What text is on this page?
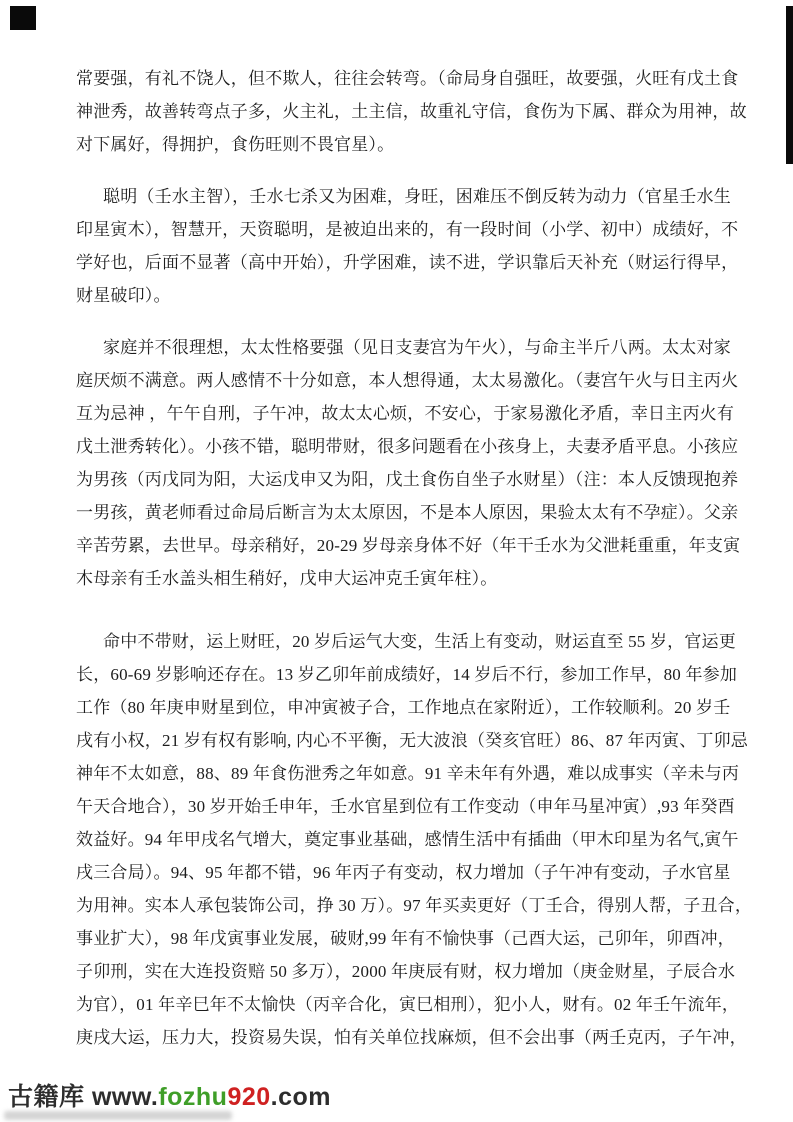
常要强，有礼不饶人，但不欺人，往往会转弯。（命局身自强旺，故要强，火旺有戊土食
神泄秀，故善转弯点子多，火主礼，土主信，故重礼守信，食伤为下属、群众为用神，故
对下属好，得拥护，食伤旺则不畏官星）。
聪明（壬水主智），壬水七杀又为困难，身旺，困难压不倒反转为动力（官星壬水生
印星寅木），智慧开，天资聪明，是被迫出来的，有一段时间（小学、初中）成绩好，不
学好也，后面不显著（高中开始），升学困难，读不进，学识靠后天补充（财运行得早，
财星破印）。
家庭并不很理想，太太性格要强（见日支妻宫为午火），与命主半斤八两。太太对家
庭厌烦不满意。两人感情不十分如意，本人想得通，太太易激化。（妻宫午火与日主丙火
互为忌神 ，午午自刑，子午冲，故太太心烦，不安心，于家易激化矛盾，幸日主丙火有
戊土泄秀转化）。小孩不错，聪明带财，很多问题看在小孩身上，夫妻矛盾平息。小孩应
为男孩（丙戊同为阳，大运戊申又为阳，戊土食伤自坐子水财星）（注：本人反馈现抱养
一男孩，黄老师看过命局后断言为太太原因，不是本人原因，果验太太有不孕症）。父亲
辛苦劳累，去世早。母亲稍好，20-29 岁母亲身体不好（年干壬水为父泄耗重重，年支寅
木母亲有壬水盖头相生稍好，戊申大运冲克壬寅年柱）。
命中不带财，运上财旺，20 岁后运气大变，生活上有变动，财运直至 55 岁，官运更
长，60-69 岁影响还存在。13 岁乙卯年前成绩好，14 岁后不行，参加工作早，80 年参加
工作（80 年庚申财星到位，申冲寅被子合，工作地点在家附近），工作较顺利。20 岁壬
戌有小权，21 岁有权有影响, 内心不平衡，无大波浪（癸亥官旺）86、87 年丙寅、丁卯忌
神年不太如意，88、89 年食伤泄秀之年如意。91 辛未年有外遇，难以成事实（辛未与丙
午天合地合），30 岁开始壬申年，壬水官星到位有工作变动（申年马星冲寅）,93 年癸酉
效益好。94 年甲戌名气增大，奠定事业基础，感情生活中有插曲（甲木印星为名气,寅午
戌三合局）。94、95 年都不错，96 年丙子有变动，权力增加（子午冲有变动，子水官星
为用神。实本人承包装饰公司，挣 30 万）。97 年买卖更好（丁壬合，得别人帮，子丑合，
事业扩大），98 年戊寅事业发展，破财,99 年有不愉快事（己酉大运，己卯年，卯酉冲，
子卯刑，实在大连投资赔 50 多万），2000 年庚辰有财，权力增加（庚金财星，子辰合水
为官），01 年辛巳年不太愉快（丙辛合化，寅巳相刑），犯小人，财有。02 年壬午流年，
庚戌大运，压力大，投资易失误，怕有关单位找麻烦，但不会出事（两壬克丙，子午冲，
古籍库 www.fozhu920.com
